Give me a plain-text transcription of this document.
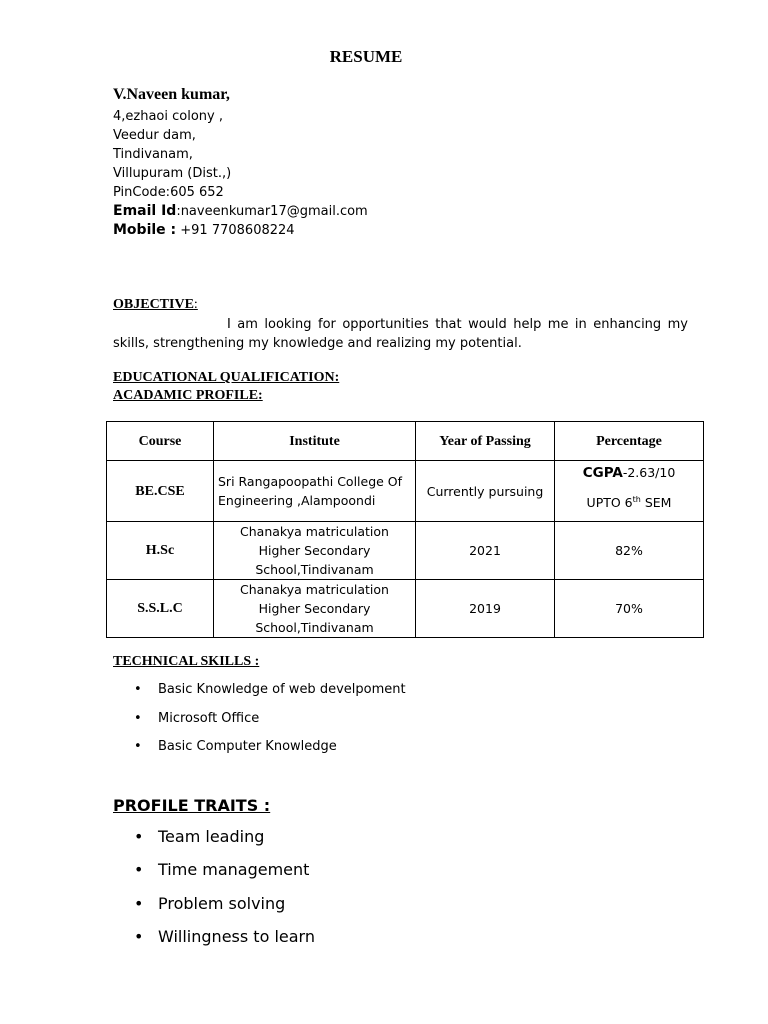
RESUME
V.Naveen kumar,
4,ezhaoi colony ,
Veedur dam,
Tindivanam,
Villupuram (Dist.,)
PinCode:605 652
Email Id:naveenkumar17@gmail.com
Mobile : +91 7708608224
OBJECTIVE:
I am looking for opportunities that would help me in enhancing my skills, strengthening my knowledge and realizing my potential.
EDUCATIONAL QUALIFICATION:
ACADAMIC PROFILE:
Course	Institute	Year of Passing	Percentage
BE.CSE	Sri Rangapoopathi College Of Engineering ,Alampoondi	Currently pursuing	CGPA-2.63/10
UPTO 6th SEM

H.Sc	Chanakya matriculation Higher Secondary School,Tindivanam	2021	82%
S.S.L.C	Chanakya matriculation Higher Secondary School,Tindivanam	2019	70%
TECHNICAL SKILLS :
• Basic Knowledge of web develpoment
• Microsoft Office
• Basic Computer Knowledge
PROFILE TRAITS :
• Team leading
• Time management
• Problem solving
• Willingness to learn
